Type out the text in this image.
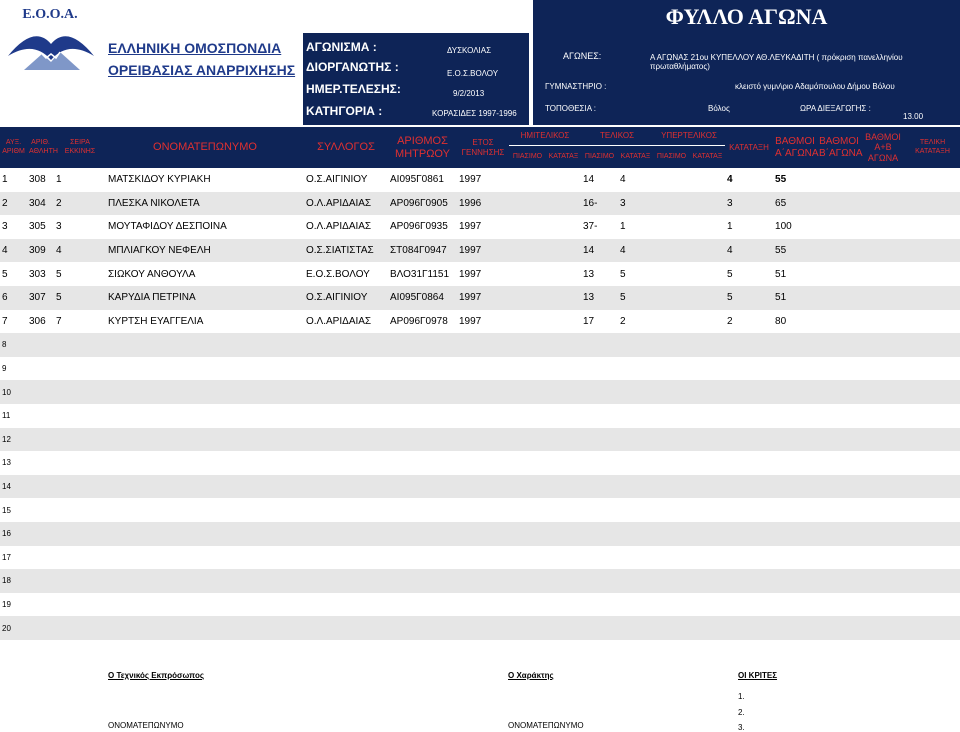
Ε.Ο.Ο.Α.
ΕΛΛΗΝΙΚΗ ΟΜΟΣΠΟΝΔΙΑ
ΟΡΕΙΒΑΣΙΑΣ ΑΝΑΡΡΙΧΗΣΗΣ
ΦΥΛΛΟ ΑΓΩΝΑ
ΑΓΩΝΙΣΜΑ :	ΔΥΣΚΟΛΙΑΣ
ΔΙΟΡΓΑΝΩΤΗΣ :	Ε.Ο.Σ.ΒΟΛΟΥ
ΗΜΕΡ.ΤΕΛΕΣΗΣ:	9/2/2013
ΚΑΤΗΓΟΡΙΑ :	ΚΟΡΑΣΙΔΕΣ 1997-1996
ΑΓΩΝΕΣ:	Α ΑΓΩΝΑΣ 21ου ΚΥΠΕΛΛΟΥ ΑΘ.ΛΕΥΚΑΔΙΤΗ ( πρόκριση πανελληνίου πρωταθλήματος)
ΓΥΜΝΑΣΤΗΡΙΟ :	κλειστό γυμν\ριο Αδαμόπουλου Δήμου Βόλου
ΤΟΠΟΘΕΣΙΑ :	Βόλος	ΩΡΑ ΔΙΕΞΑΓΩΓΗΣ :
13.00
ΑΥΞ. ΑΡΙΘΜ	ΑΡΙΘ. ΑΘΛΗΤΗ	ΣΕΙΡΑ ΕΚΚΙΝΗΣ	ΟΝΟΜΑΤΕΠΩΝΥΜΟ	ΣΥΛΛΟΓΟΣ	ΑΡΙΘΜΟΣ ΜΗΤΡΩΟΥ	ΕΤΟΣ ΓΕΝΝΗΣΗΣ	ΗΜΙΤΕΛΙΚΟΣ		ΤΕΛΙΚΟΣ		ΥΠΕΡΤΕΛΙΚΟΣ		ΚΑΤΑΤΑΞΗ	ΒΑΘΜΟΙ Α΄ΑΓΩΝΑ	ΒΑΘΜΟΙ Β΄ΑΓΩΝΑ	ΒΑΘΜΟΙ Α+Β ΑΓΩΝΑ	ΤΕΛΙΚΗ ΚΑΤΑΤΑΞΗ
							ΠΙΑΣΙΜΟ	ΚΑΤΑΤΑΞ	ΠΙΑΣΙΜΟ	ΚΑΤΑΤΑΞ	ΠΙΑΣΙΜΟ	ΚΑΤΑΤΑΞ					
1	308	1	ΜΑΤΣΚΙΔΟΥ ΚΥΡΙΑΚΗ	Ο.Σ.ΑΙΓΙΝΙΟΥ	ΑΙ095Γ0861	1997			14	4			4	55			
2	304	2	ΠΛΕΣΚΑ ΝΙΚΟΛΕΤΑ	Ο.Λ.ΑΡΙΔΑΙΑΣ	ΑΡ096Γ0905	1996			16-	3			3	65			
3	305	3	ΜΟΥΤΑΦΙΔΟΥ ΔΕΣΠΟΙΝΑ	Ο.Λ.ΑΡΙΔΑΙΑΣ	ΑΡ096Γ0935	1997			37-	1			1	100			
4	309	4	ΜΠΛΙΑΓΚΟΥ ΝΕΦΕΛΗ	Ο.Σ.ΣΙΑΤΙΣΤΑΣ	ΣΤ084Γ0947	1997			14	4			4	55			
5	303	5	ΣΙΩΚΟΥ ΑΝΘΟΥΛΑ	Ε.Ο.Σ.ΒΟΛΟΥ	ΒΛΟ31Γ1151	1997			13	5			5	51			
6	307	5	ΚΑΡΥΔΙΑ ΠΕΤΡΙΝΑ	Ο.Σ.ΑΙΓΙΝΙΟΥ	ΑΙ095Γ0864	1997			13	5			5	51			
7	306	7	ΚΥΡΤΣΗ ΕΥΑΓΓΕΛΙΑ	Ο.Λ.ΑΡΙΔΑΙΑΣ	ΑΡ096Γ0978	1997			17	2			2	80			
8																	
9																	
10																	
11																	
12																	
13																	
14																	
15																	
16																	
17																	
18																	
19																	
20																	
Ο Τεχνικός Εκπρόσωπος	Ο Χαράκτης	ΟΙ ΚΡΙΤΕΣ
1.
2.
3.
ΟΝΟΜΑΤΕΠΩΝΥΜΟ	ΟΝΟΜΑΤΕΠΩΝΥΜΟ
